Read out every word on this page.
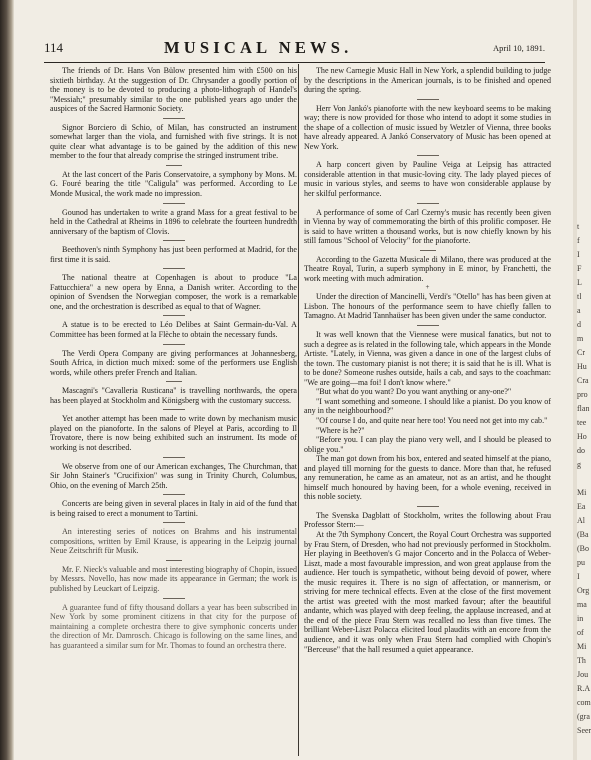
114	MUSICAL NEWS.	April 10, 1891.

The friends of Dr. Hans Von Bülow presented him with £500 on his sixtieth birthday. At the suggestion of Dr. Chrysander a goodly portion of the money is to be devoted to producing a photo-lithograph of Handel's "Messiah;" presumably similar to the one published years ago under the auspices of the Sacred Harmonic Society.

Signor Borciero di Schio, of Milan, has constructed an instrument somewhat larger than the viola, and furnished with five strings. It is not quite clear what advantage is to be gained by the addition of this new member to the four that already comprise the stringed instrument tribe.

At the last concert of the Paris Conservatoire, a symphony by Mons. M. G. Fouré bearing the title "Caligula" was performed. According to Le Monde Musical, the work made no impression.

Gounod has undertaken to write a grand Mass for a great festival to be held in the Cathedral at Rheims in 1896 to celebrate the fourteen hundredth anniversary of the baptism of Clovis.

Beethoven's ninth Symphony has just been performed at Madrid, for the first time it is said.

The national theatre at Copenhagen is about to produce "La Fattucchiera" a new opera by Enna, a Danish writer. According to the opinion of Svendsen the Norwegian composer, the work is a remarkable one, and the orchestration is described as equal to that of Wagner.

A statue is to be erected to Léo Delibes at Saint Germain-du-Val. A Committee has been formed at la Flèche to obtain the necessary funds.

The Verdi Opera Company are giving performances at Johannesberg, South Africa, in diction much mixed: some of the performers use English words, while others prefer French and Italian.

Mascagni's "Cavalleria Rusticana" is travelling northwards, the opera has been played at Stockholm and Königsberg with the customary success.

Yet another attempt has been made to write down by mechanism music played on the pianoforte. In the salons of Pleyel at Paris, according to Il Trovatore, there is now being exhibited such an instrument. Its mode of working is not described.

We observe from one of our American exchanges, The Churchman, that Sir John Stainer's "Crucifixion" was sung in Trinity Church, Columbus, Ohio, on the evening of March 25th.

Concerts are being given in several places in Italy in aid of the fund that is being raised to erect a monument to Tartini.

An interesting series of notices on Brahms and his instrumental compositions, written by Emil Krause, is appearing in the Leipzig journal Neue Zeitschrift für Musik.

Mr. F. Nieck's valuable and most interesting biography of Chopin, issued by Messrs. Novello, has now made its appearance in German; the work is published by Leuckart of Leipzig.

A guarantee fund of fifty thousand dollars a year has been subscribed in New York by some prominent citizens in that city for the purpose of maintaining a complete orchestra there to give symphonic concerts under the direction of Mr. Damrosch. Chicago is following on the same lines, and has guaranteed a similar sum for Mr. Thomas to found an orchestra there.

The new Carnegie Music Hall in New York, a splendid building to judge by the descriptions in the American journals, is to be finished and opened during the spring.

Herr Von Jankó's pianoforte with the new keyboard seems to be making way; there is now provided for those who intend to adopt it some studies in the shape of a collection of music issued by Wetzler of Vienna, three books have already appeared. A Jankó Conservatory of Music has been opened at New York.

A harp concert given by Pauline Veiga at Leipsig has attracted considerable attention in that music-loving city. The lady played pieces of music in various styles, and seems to have won considerable applause by her skilful performance.

A performance of some of Carl Czerny's music has recently been given in Vienna by way of commemorating the birth of this prolific composer. He is said to have written a thousand works, but is now chiefly known by his still famous "School of Velocity" for the pianoforte.

According to the Gazetta Musicale di Milano, there was produced at the Theatre Royal, Turin, a superb symphony in E minor, by Franchetti, the work meeting with much admiration.

+

Under the direction of Mancinelli, Verdi's "Otello" has has been given at Lisbon. The honours of the performance seem to have chiefly fallen to Tamagno. At Madrid Tannhaüser has been given under the same conductor.

It was well known that the Viennese were musical fanatics, but not to such a degree as is related in the following tale, which appears in the Monde Artiste. "Lately, in Vienna, was given a dance in one of the largest clubs of the town. The customary pianist is not there; it is said that he is ill. What is to be done? Someone rushes outside, hails a cab, and says to the coachman: "We are going—ma foi! I don't know where."

"But what do you want? Do you want anything or any-one?"

"I want something and someone. I should like a pianist. Do you know of any in the neighbourhood?"

"Of course I do, and quite near here too! You need not get into my cab."

"Where is he?"

"Before you. I can play the piano very well, and I should be pleased to oblige you."

The man got down from his box, entered and seated himself at the piano, and played till morning for the guests to dance. More than that, he refused any remuneration, he came as an amateur, not as an artist, and he thought himself much honoured by having been, for a whole evening, received in this noble society.

The Svenska Dagblatt of Stockholm, writes the following about Frau Professor Stern:—

At the 7th Symphony Concert, the Royal Court Orchestra was supported by Frau Stern, of Dresden, who had not previously performed in Stockholm. Her playing in Beethoven's G major Concerto and in the Polacca of Weber-Liszt, made a most favourable impression, and won great applause from the audience. Her touch is sympathetic, without being devoid of power, where the music requires it. There is no sign of affectation, or mannerism, or striving for mere technical effects. Even at the close of the first movement the artist was greeted with the most marked favour; after the beautiful andante, which was played with deep feeling, the applause increased, and at the end of the piece Frau Stern was recalled no less than five times. The brilliant Weber-Liszt Polacca elicited loud plaudits with an encore from the audience, and it was only when Frau Stern had complied with Chopin's "Berceuse" that the hall resumed a quiet appearance.

t
f
I
F
L
tl
a
d
m
Cr
Hu
Cra
pro
flan
tee
Ho
do
g
Mi
Ea
Al
(Ba
(Bo
pu
I
Org
ma
in
of
Mi
Th
Jou
R.A
com
(gra
Seer
